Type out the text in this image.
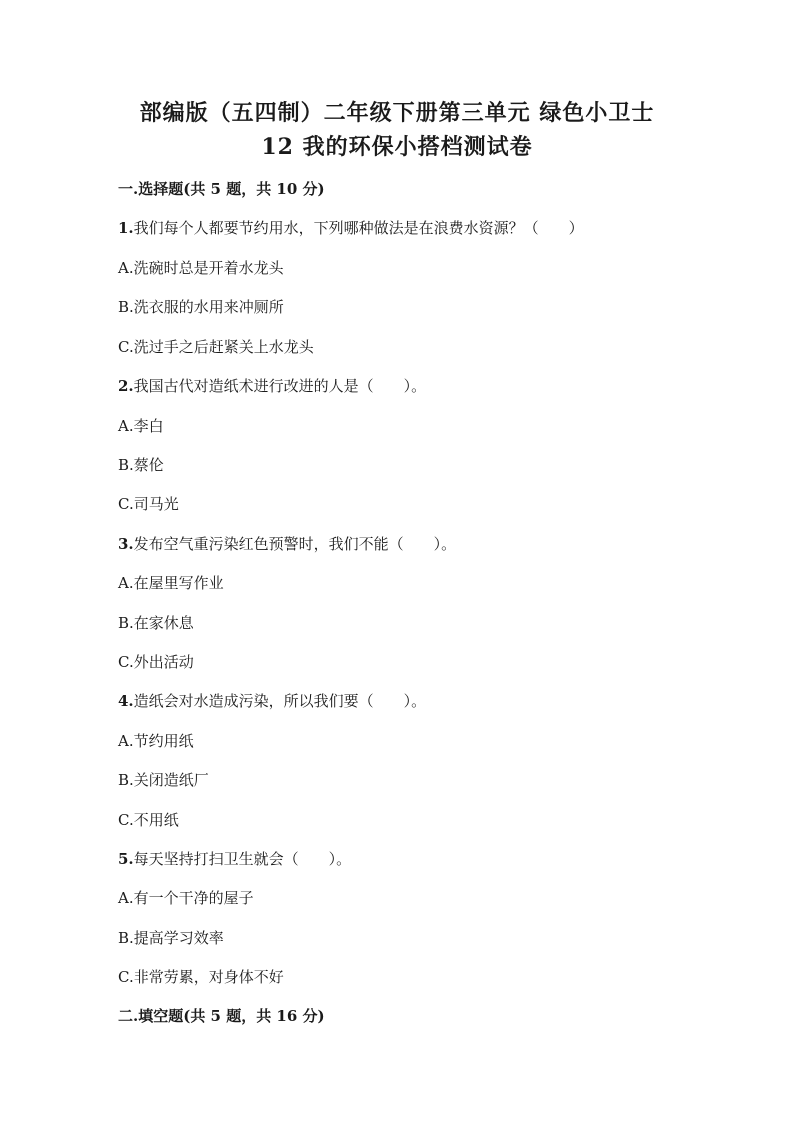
部编版（五四制）二年级下册第三单元 绿色小卫士
12 我的环保小搭档测试卷
一.选择题(共 5 题，共 10 分)
1.我们每个人都要节约用水，下列哪种做法是在浪费水资源？（　　）
A.洗碗时总是开着水龙头
B.洗衣服的水用来冲厕所
C.洗过手之后赶紧关上水龙头
2.我国古代对造纸术进行改进的人是（　　）。
A.李白
B.蔡伦
C.司马光
3.发布空气重污染红色预警时，我们不能（　　）。
A.在屋里写作业
B.在家休息
C.外出活动
4.造纸会对水造成污染，所以我们要（　　）。
A.节约用纸
B.关闭造纸厂
C.不用纸
5.每天坚持打扫卫生就会（　　）。
A.有一个干净的屋子
B.提高学习效率
C.非常劳累，对身体不好
二.填空题(共 5 题，共 16 分)
